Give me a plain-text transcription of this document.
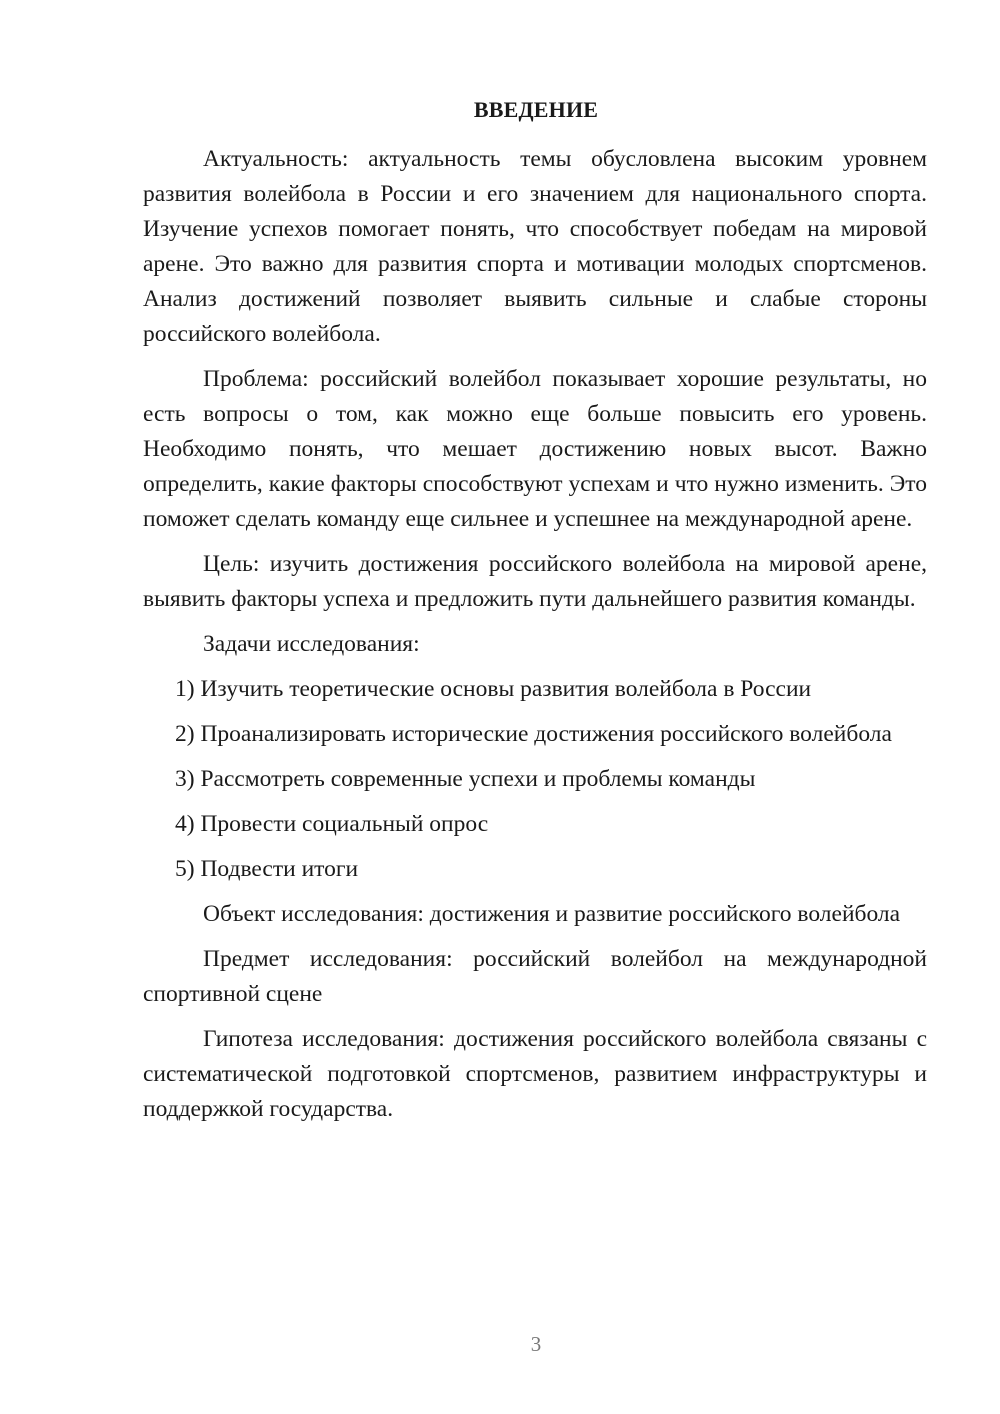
ВВЕДЕНИЕ

Актуальность: актуальность темы обусловлена высоким уровнем развития волейбола в России и его значением для национального спорта. Изучение успехов помогает понять, что способствует победам на мировой арене. Это важно для развития спорта и мотивации молодых спортсменов. Анализ достижений позволяет выявить сильные и слабые стороны российского волейбола.

Проблема: российский волейбол показывает хорошие результаты, но есть вопросы о том, как можно еще больше повысить его уровень. Необходимо понять, что мешает достижению новых высот. Важно определить, какие факторы способствуют успехам и что нужно изменить. Это поможет сделать команду еще сильнее и успешнее на международной арене.

Цель: изучить достижения российского волейбола на мировой арене, выявить факторы успеха и предложить пути дальнейшего развития команды.

Задачи исследования:

1) Изучить теоретические основы развития волейбола в России

2) Проанализировать исторические достижения российского волейбола

3) Рассмотреть современные успехи и проблемы команды

4) Провести социальный опрос

5) Подвести итоги

Объект исследования: достижения и развитие российского волейбола

Предмет исследования: российский волейбол на международной спортивной сцене

Гипотеза исследования: достижения российского волейбола связаны с систематической подготовкой спортсменов, развитием инфраструктуры и поддержкой государства.

3
